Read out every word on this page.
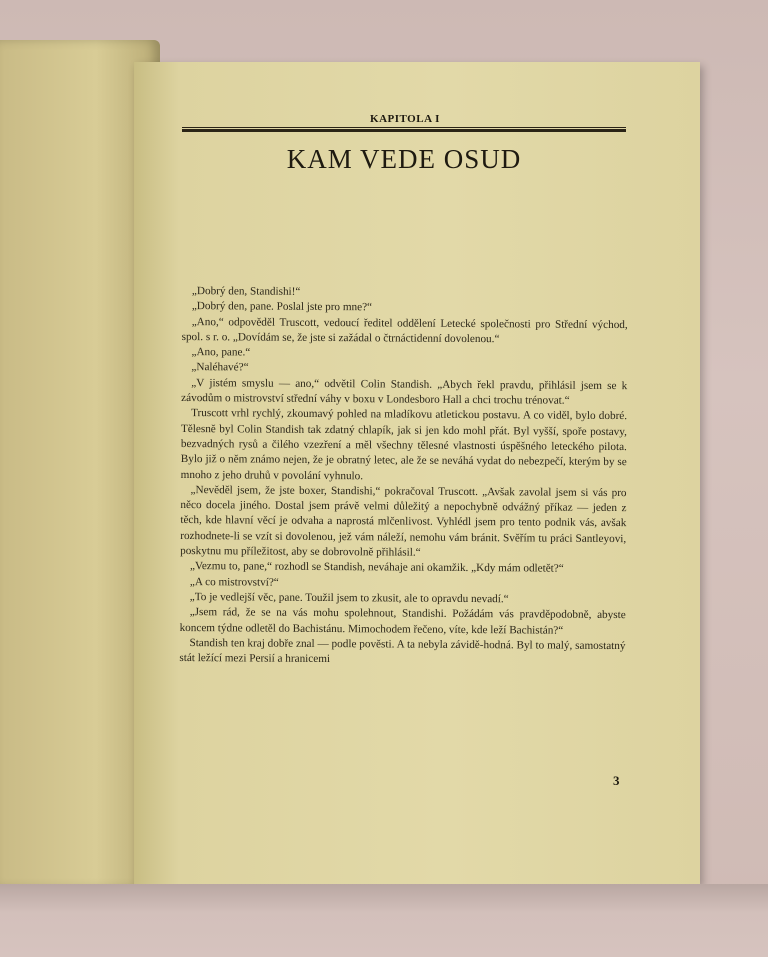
KAPITOLA I
KAM VEDE OSUD

„Dobrý den, Standishi!“

„Dobrý den, pane. Poslal jste pro mne?“

„Ano,“ odpověděl Truscott, vedoucí ředitel oddělení Letecké společnosti pro Střední východ, spol. s r. o. „Dovídám se, že jste si zažádal o čtrnáctidenní dovolenou.“

„Ano, pane.“

„Naléhavé?“

„V jistém smyslu — ano,“ odvětil Colin Standish. „Abych řekl pravdu, přihlásil jsem se k závodům o mistrovství střední váhy v boxu v Londesboro Hall a chci trochu trénovat.“

Truscott vrhl rychlý, zkoumavý pohled na mladíkovu atletickou postavu. A co viděl, bylo dobré. Tělesně byl Colin Standish tak zdatný chlapík, jak si jen kdo mohl přát. Byl vyšší, spoře postavy, bezvadných rysů a čilého vzezření a měl všechny tělesné vlastnosti úspěšného leteckého pilota. Bylo již o něm známo nejen, že je obratný letec, ale že se neváhá vydat do nebezpečí, kterým by se mnoho z jeho druhů v povolání vyhnulo.

„Nevěděl jsem, že jste boxer, Standishi,“ pokračoval Truscott. „Avšak zavolal jsem si vás pro něco docela jiného. Dostal jsem právě velmi důležitý a nepochybně odvážný příkaz — jeden z těch, kde hlavní věcí je odvaha a naprostá mlčenlivost. Vyhlédl jsem pro tento podnik vás, avšak rozhodnete-li se vzít si dovolenou, jež vám náleží, nemohu vám bránit. Svěřím tu práci Santleyovi, poskytnu mu příležitost, aby se dobrovolně přihlásil.“

„Vezmu to, pane,“ rozhodl se Standish, neváhaje ani okamžik. „Kdy mám odletět?“

„A co mistrovství?“

„To je vedlejší věc, pane. Toužil jsem to zkusit, ale to opravdu nevadí.“

„Jsem rád, že se na vás mohu spolehnout, Standishi. Požádám vás pravděpodobně, abyste koncem týdne odletěl do Bachistánu. Mimochodem řečeno, víte, kde leží Bachistán?“

Standish ten kraj dobře znal — podle pověsti. A ta nebyla závidě-hodná. Byl to malý, samostatný stát ležící mezi Persií a hranicemi

3
